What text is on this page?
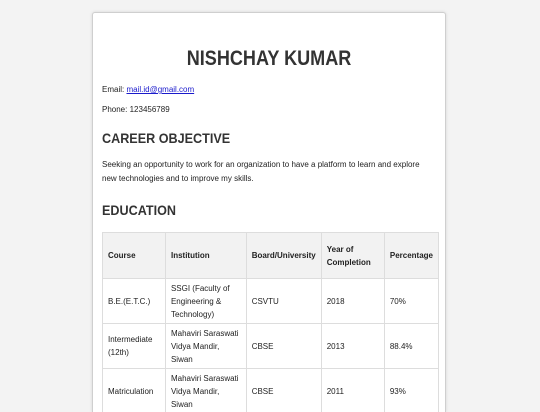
NISHCHAY KUMAR

Email: mail.id@gmail.com

Phone: 123456789

CAREER OBJECTIVE

Seeking an opportunity to work for an organization to have a platform to learn and explore new technologies and to improve my skills.

EDUCATION
Course	Institution	Board/University	Year of Completion	Percentage
B.E.(E.T.C.)	SSGI (Faculty of Engineering & Technology)	CSVTU	2018	70%
Intermediate (12th)	Mahaviri Saraswati Vidya Mandir, Siwan	CBSE	2013	88.4%
Matriculation	Mahaviri Saraswati Vidya Mandir, Siwan	CBSE	2011	93%
